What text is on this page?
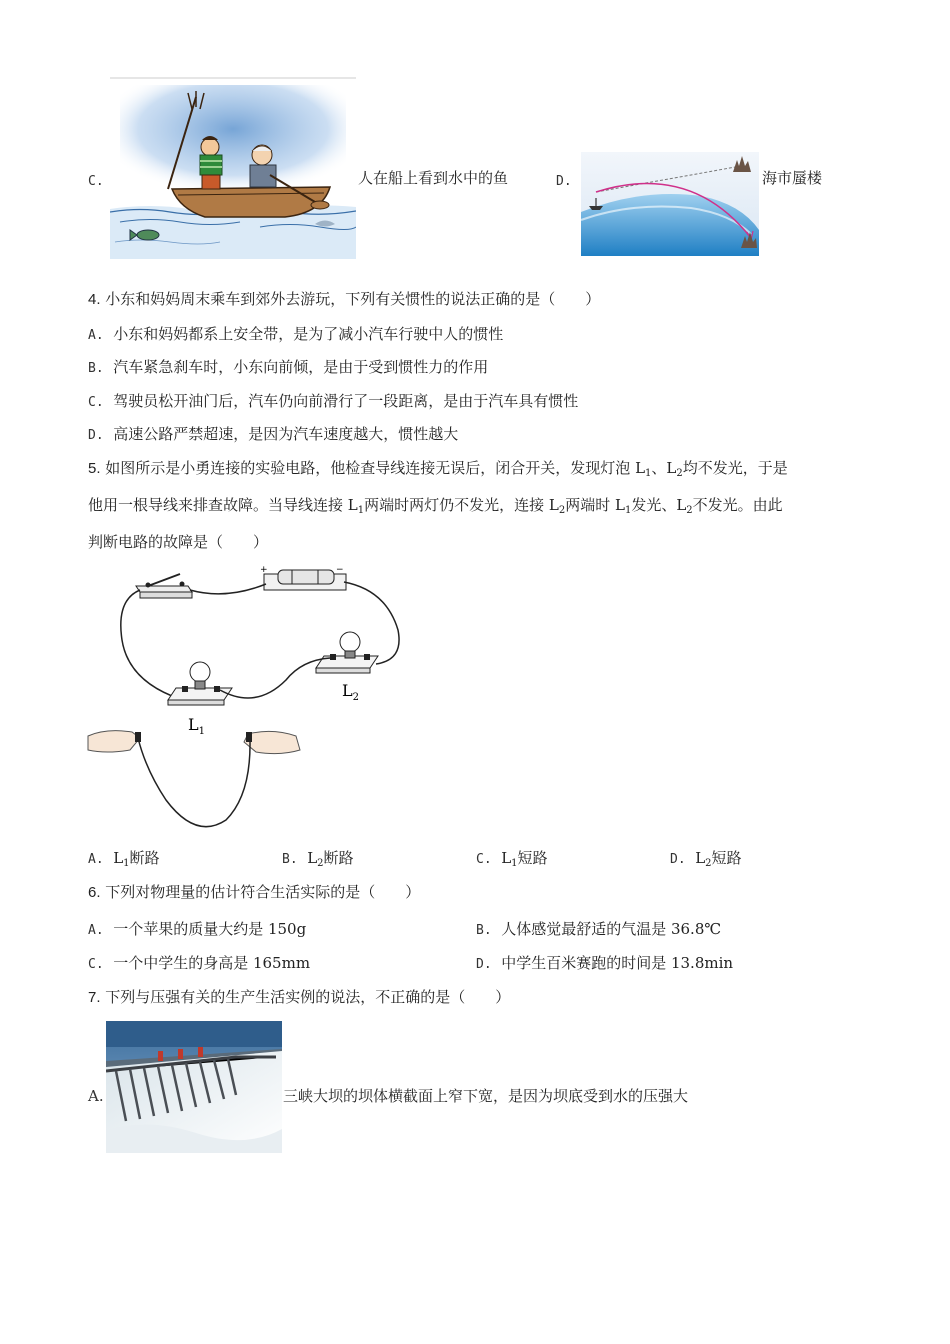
C.	人在船上看到水中的鱼	D.	海市蜃楼
4. 小东和妈妈周末乘车到郊外去游玩，下列有关惯性的说法正确的是（　　）
A. 小东和妈妈都系上安全带，是为了减小汽车行驶中人的惯性
B. 汽车紧急刹车时，小东向前倾，是由于受到惯性力的作用
C. 驾驶员松开油门后，汽车仍向前滑行了一段距离，是由于汽车具有惯性
D. 高速公路严禁超速，是因为汽车速度越大，惯性越大
5. 如图所示是小勇连接的实验电路，他检查导线连接无误后，闭合开关，发现灯泡 $L_1$、$L_2$均不发光，于是
他用一根导线来排查故障。当导线连接 $L_1$两端时两灯仍不发光，连接 $L_2$两端时 $L_1$发光、$L_2$不发光。由此
判断电路的故障是（　　）
+	−
$L_1$
$L_2$
A. $L_1$断路	B. $L_2$断路	C. $L_1$短路	D. $L_2$短路
6. 下列对物理量的估计符合生活实际的是（　　）
A. 一个苹果的质量大约是 150g	B. 人体感觉最舒适的气温是 36.8℃
C. 一个中学生的身高是 165mm	D. 中学生百米赛跑的时间是 13.8min
7. 下列与压强有关的生产生活实例的说法，不正确的是（　　）
A.	三峡大坝的坝体横截面上窄下宽，是因为坝底受到水的压强大
